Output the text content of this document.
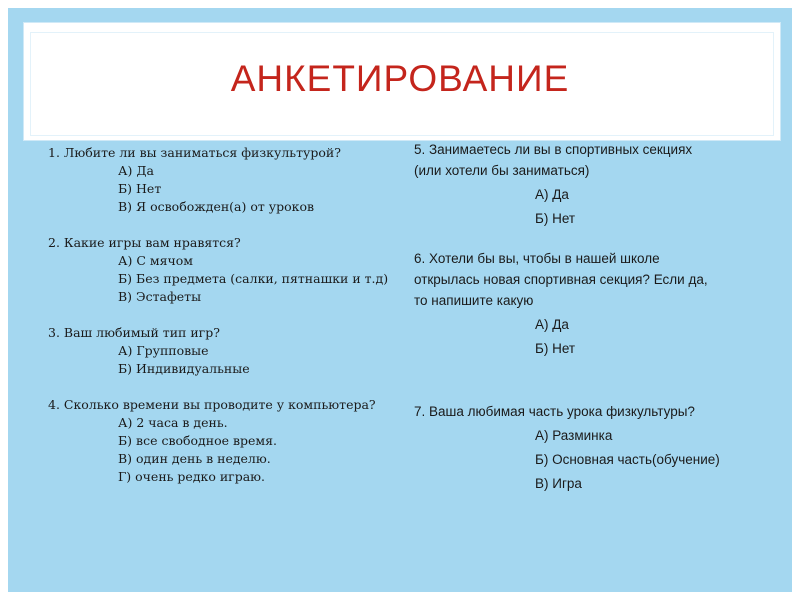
АНКЕТИРОВАНИЕ

1. Любите ли вы заниматься физкультурой?

А) Да

Б) Нет

В) Я освобожден(а) от уроков

2. Какие игры вам нравятся?

А) С мячом

Б) Без предмета (салки, пятнашки и т.д)

В) Эстафеты

3. Ваш любимый тип игр?

А) Групповые

Б) Индивидуальные

4. Сколько времени вы проводите у компьютера?

А) 2 часа в день.

Б) все свободное время.

В) один день в неделю.

Г) очень редко играю.

5. Занимаетесь ли вы в спортивных секциях

(или хотели бы заниматься)

А) Да

Б) Нет

6. Хотели бы вы, чтобы в нашей школе

открылась новая спортивная секция? Если да,

то напишите какую

А) Да

Б) Нет

7. Ваша любимая часть урока физкультуры?

А) Разминка

Б) Основная часть(обучение)

В) Игра
